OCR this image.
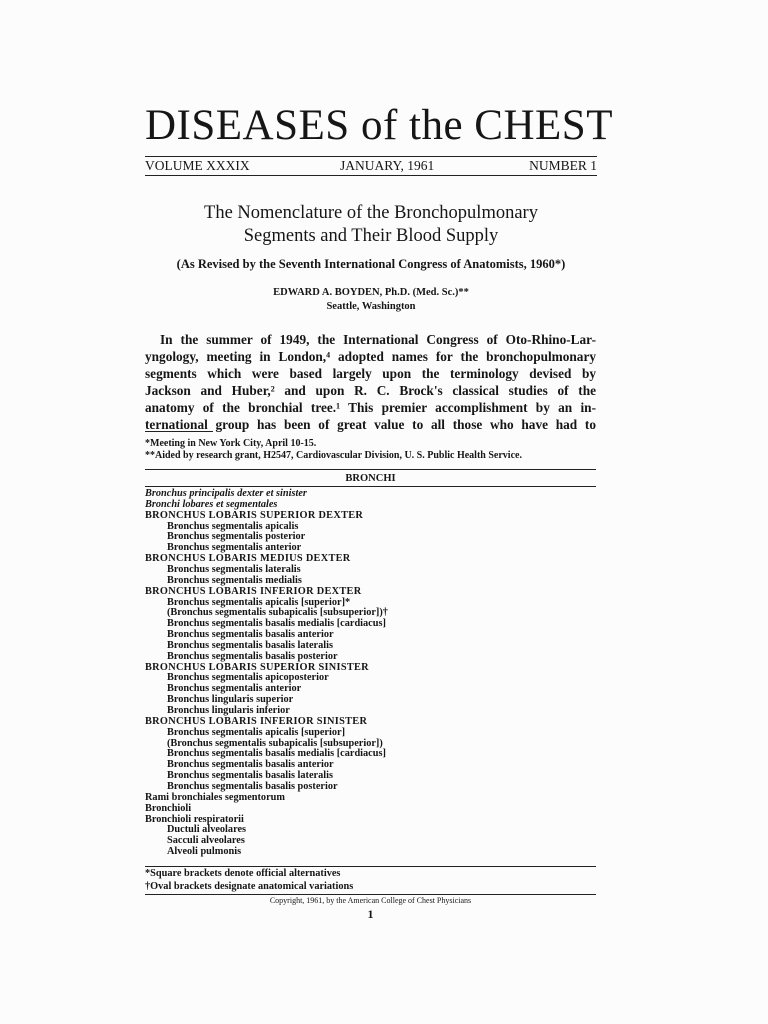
DISEASES of the CHEST
VOLUME XXXIX	JANUARY, 1961	NUMBER 1
The Nomenclature of the Bronchopulmonary
Segments and Their Blood Supply
(As Revised by the Seventh International Congress of Anatomists, 1960*)
EDWARD A. BOYDEN, Ph.D. (Med. Sc.)**
Seattle, Washington
In the summer of 1949, the International Congress of Oto-Rhino-Lar-
yngology, meeting in London,⁴ adopted names for the bronchopulmonary
segments which were based largely upon the terminology devised by
Jackson and Huber,² and upon R. C. Brock's classical studies of the
anatomy of the bronchial tree.¹ This premier accomplishment by an in-
ternational group has been of great value to all those who have had to
*Meeting in New York City, April 10-15.
**Aided by research grant, H2547, Cardiovascular Division, U. S. Public Health Service.
BRONCHI
Bronchus principalis dexter et sinister
Bronchi lobares et segmentales
BRONCHUS LOBARIS SUPERIOR DEXTER
Bronchus segmentalis apicalis
Bronchus segmentalis posterior
Bronchus segmentalis anterior
BRONCHUS LOBARIS MEDIUS DEXTER
Bronchus segmentalis lateralis
Bronchus segmentalis medialis
BRONCHUS LOBARIS INFERIOR DEXTER
Bronchus segmentalis apicalis [superior]*
(Bronchus segmentalis subapicalis [subsuperior])†
Bronchus segmentalis basalis medialis [cardiacus]
Bronchus segmentalis basalis anterior
Bronchus segmentalis basalis lateralis
Bronchus segmentalis basalis posterior
BRONCHUS LOBARIS SUPERIOR SINISTER
Bronchus segmentalis apicoposterior
Bronchus segmentalis anterior
Bronchus lingularis superior
Bronchus lingularis inferior
BRONCHUS LOBARIS INFERIOR SINISTER
Bronchus segmentalis apicalis [superior]
(Bronchus segmentalis subapicalis [subsuperior])
Bronchus segmentalis basalis medialis [cardiacus]
Bronchus segmentalis basalis anterior
Bronchus segmentalis basalis lateralis
Bronchus segmentalis basalis posterior
Rami bronchiales segmentorum
Bronchioli
Bronchioli respiratorii
Ductuli alveolares
Sacculi alveolares
Alveoli pulmonis
*Square brackets denote official alternatives
†Oval brackets designate anatomical variations
Copyright, 1961, by the American College of Chest Physicians
1
